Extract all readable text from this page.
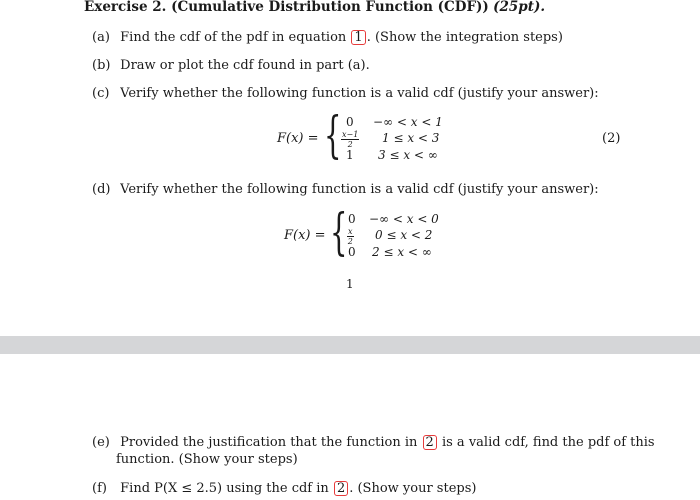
Exercise 2. (Cumulative Distribution Function (CDF)) (25pt).
(a) Find the cdf of the pdf in equation 1 . (Show the integration steps)
(b) Draw or plot the cdf found in part (a).
(c) Verify whether the following function is a valid cdf (justify your answer):
F(x) = { 0
$\frac{x-1}{2}$
1
−∞ < x < 1
1 ≤ x < 3
3 ≤ x < ∞
(2)
(d) Verify whether the following function is a valid cdf (justify your answer):
F(x) = { 0
$\frac{x}{2}$
0
−∞ < x < 0
0 ≤ x < 2
2 ≤ x < ∞
1
(e) Provided the justification that the function in 2 is a valid cdf, find the pdf of this
function. (Show your steps)
(f) Find P(X ≤ 2.5) using the cdf in 2 . (Show your steps)
